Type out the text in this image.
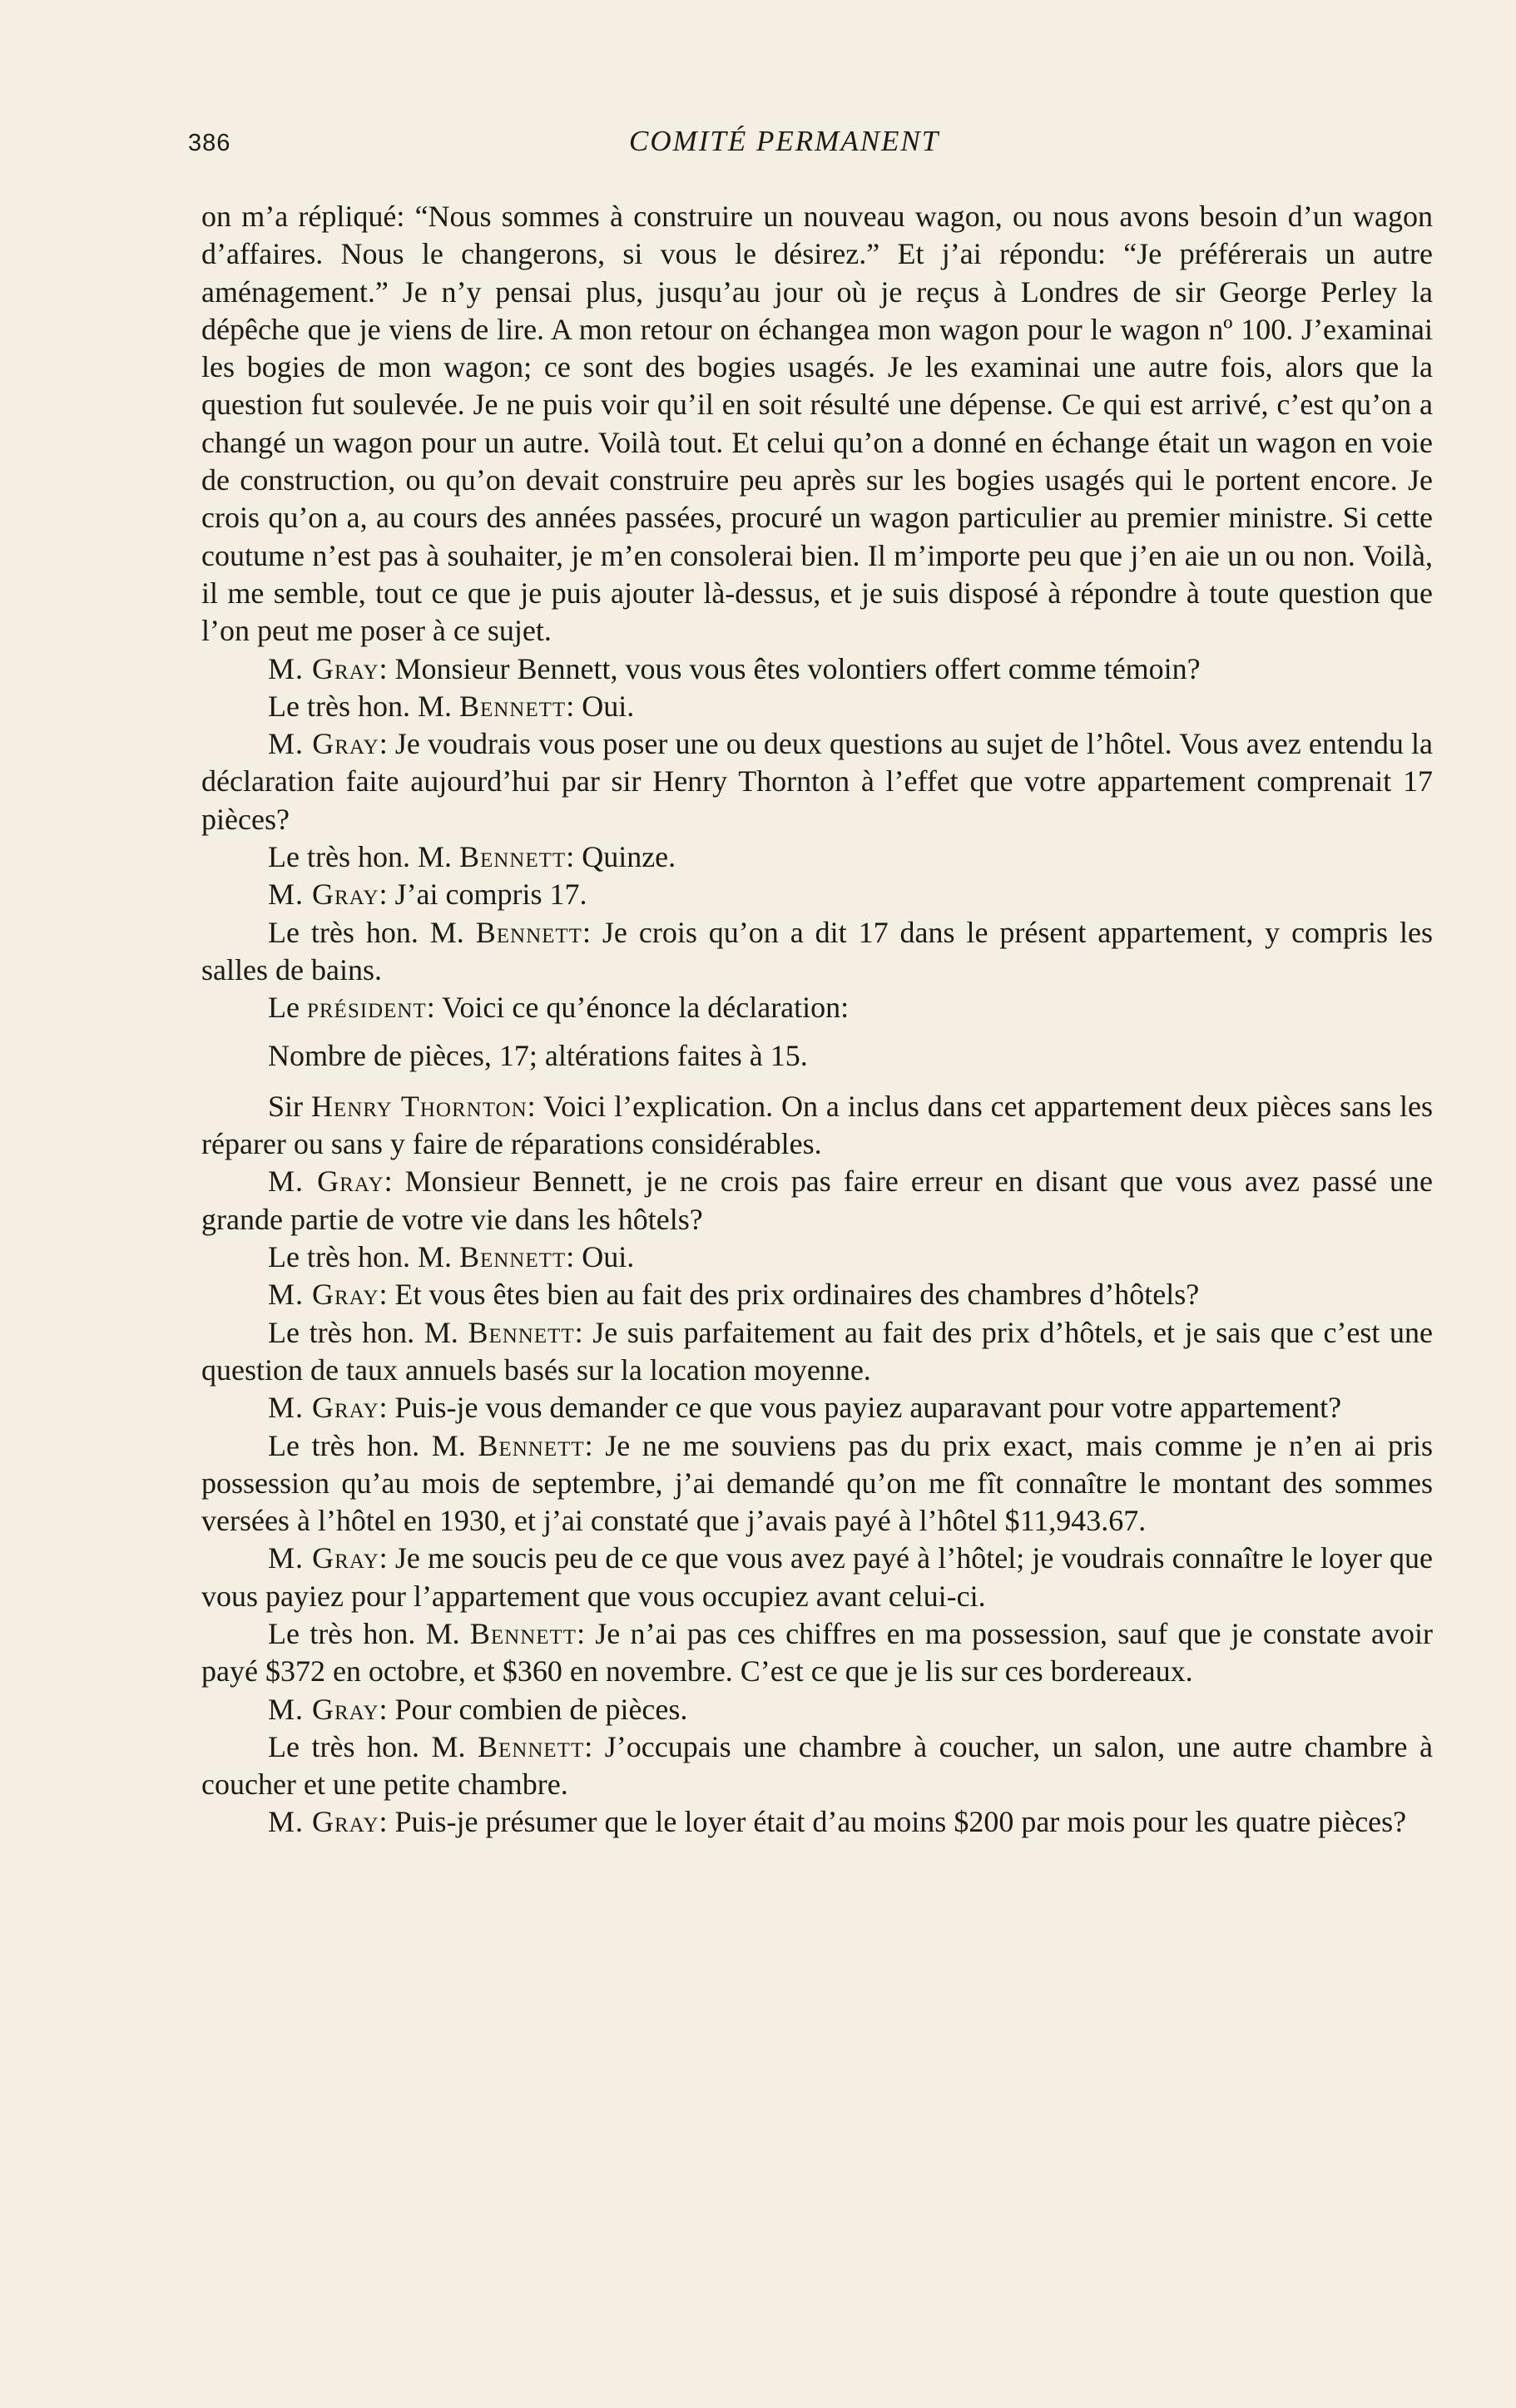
386	COMITÉ PERMANENT

on m’a répliqué: “Nous sommes à construire un nouveau wagon, ou nous avons besoin d’un wagon d’affaires. Nous le changerons, si vous le désirez.” Et j’ai répondu: “Je préférerais un autre aménagement.” Je n’y pensai plus, jusqu’au jour où je reçus à Londres de sir George Perley la dépêche que je viens de lire. A mon retour on échangea mon wagon pour le wagon nº 100. J’examinai les bogies de mon wagon; ce sont des bogies usagés. Je les examinai une autre fois, alors que la question fut soulevée. Je ne puis voir qu’il en soit résulté une dépense. Ce qui est arrivé, c’est qu’on a changé un wagon pour un autre. Voilà tout. Et celui qu’on a donné en échange était un wagon en voie de construction, ou qu’on devait construire peu après sur les bogies usagés qui le portent encore. Je crois qu’on a, au cours des années passées, procuré un wagon particulier au premier ministre. Si cette coutume n’est pas à souhaiter, je m’en consolerai bien. Il m’importe peu que j’en aie un ou non. Voilà, il me semble, tout ce que je puis ajouter là-dessus, et je suis disposé à répondre à toute question que l’on peut me poser à ce sujet.

M. Gray: Monsieur Bennett, vous vous êtes volontiers offert comme témoin?

Le très hon. M. Bennett: Oui.

M. Gray: Je voudrais vous poser une ou deux questions au sujet de l’hôtel. Vous avez entendu la déclaration faite aujourd’hui par sir Henry Thornton à l’effet que votre appartement comprenait 17 pièces?

Le très hon. M. Bennett: Quinze.

M. Gray: J’ai compris 17.

Le très hon. M. Bennett: Je crois qu’on a dit 17 dans le présent appartement, y compris les salles de bains.

Le président: Voici ce qu’énonce la déclaration:

Nombre de pièces, 17; altérations faites à 15.

Sir Henry Thornton: Voici l’explication. On a inclus dans cet appartement deux pièces sans les réparer ou sans y faire de réparations considérables.

M. Gray: Monsieur Bennett, je ne crois pas faire erreur en disant que vous avez passé une grande partie de votre vie dans les hôtels?

Le très hon. M. Bennett: Oui.

M. Gray: Et vous êtes bien au fait des prix ordinaires des chambres d’hôtels?

Le très hon. M. Bennett: Je suis parfaitement au fait des prix d’hôtels, et je sais que c’est une question de taux annuels basés sur la location moyenne.

M. Gray: Puis-je vous demander ce que vous payiez auparavant pour votre appartement?

Le très hon. M. Bennett: Je ne me souviens pas du prix exact, mais comme je n’en ai pris possession qu’au mois de septembre, j’ai demandé qu’on me fît connaître le montant des sommes versées à l’hôtel en 1930, et j’ai constaté que j’avais payé à l’hôtel $11,943.67.

M. Gray: Je me soucis peu de ce que vous avez payé à l’hôtel; je voudrais connaître le loyer que vous payiez pour l’appartement que vous occupiez avant celui-ci.

Le très hon. M. Bennett: Je n’ai pas ces chiffres en ma possession, sauf que je constate avoir payé $372 en octobre, et $360 en novembre. C’est ce que je lis sur ces bordereaux.

M. Gray: Pour combien de pièces.

Le très hon. M. Bennett: J’occupais une chambre à coucher, un salon, une autre chambre à coucher et une petite chambre.

M. Gray: Puis-je présumer que le loyer était d’au moins $200 par mois pour les quatre pièces?
